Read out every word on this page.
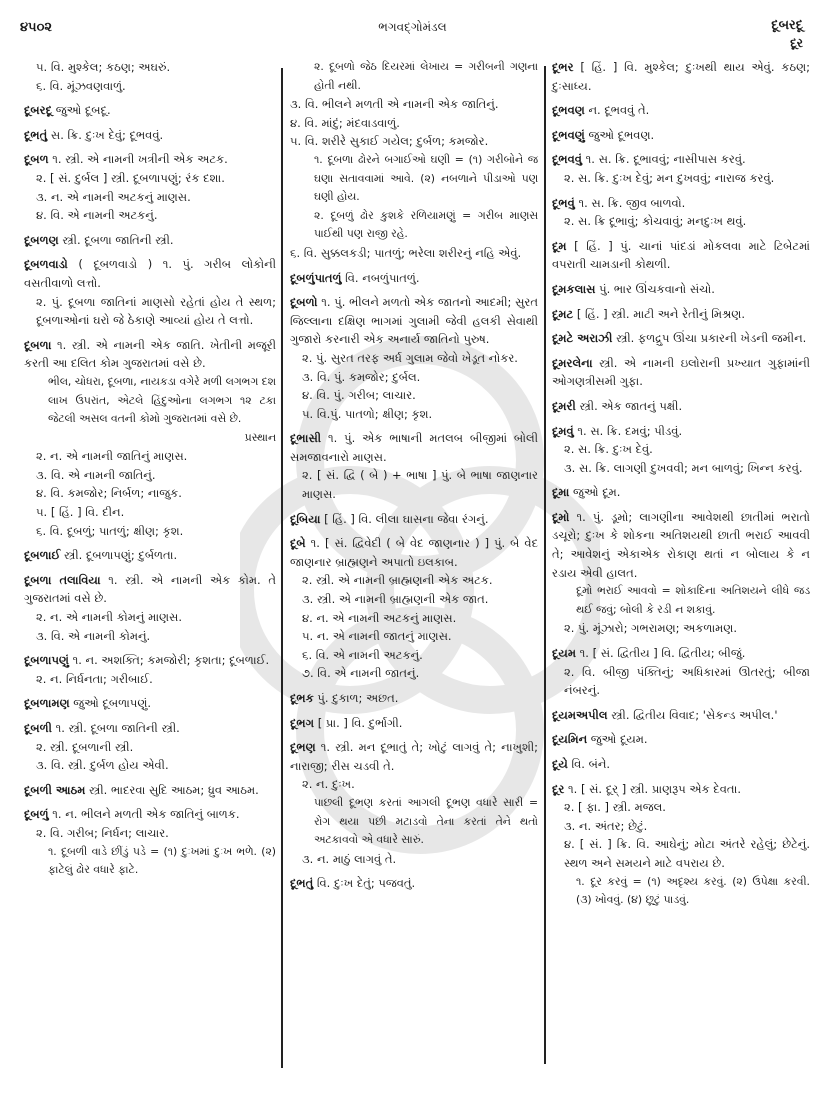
૪૫૦૨	ભગવદ્ગોમંડલ	દૂબરદૂ
દૂર
૫. વિ. મુશ્કેલ; કઠણ; અઘરું.
૬. વિ. મૂંઝવણવાળું.
દૂબરદૂ જુઓ દૂબદૂ.
દૂભતું સ. ક્રિ. દુઃખ દેવું; દૂભવવું.
દૂબળ ૧. સ્ત્રી. એ નામની ખત્રીની એક અટક.
૨. [ સં. દુર્બલ ] સ્ત્રી. દૂબળાપણું; રંક દશા.
૩. ન. એ નામની અટકનું માણસ.
૪. વિ. એ નામની અટકનું.
દૂબળણ સ્ત્રી. દૂબળા જાતિની સ્ત્રી.
દૂબળવાડો ( દૂબળવાડો ) ૧. પું. ગરીબ લોકોની વસતીવાળો લત્તો.
૨. પું. દૂબળા જાતિનાં માણસો રહેતાં હોય તે સ્થળ; દૂબળાઓનાં ઘરો જે ઠેકાણે આવ્યાં હોય તે લત્તો.
દૂબળા ૧. સ્ત્રી. એ નામની એક જાતિ. ખેતીની મજૂરી કરતી આ દલિત કોમ ગુજરાતમાં વસે છે.
ભીલ, ચોધરા, દૂબળા, નાયકડા વગેરે મળી લગભગ દશ લાખ ઉપરાંત, એટલે હિંદુઓના લગભગ ૧૨ ટકા જેટલી અસલ વતની કોમો ગુજરાતમાં વસે છે.
પ્રસ્થાન
૨. ન. એ નામની જાતિનું માણસ.
૩. વિ. એ નામની જાતિનું.
૪. વિ. કમજોર; નિર્બળ; નાજુક.
૫. [ હિં. ] વિ. દીન.
૬. વિ. દૂબળું; પાતળું; ક્ષીણ; કૃશ.
દૂબળાઈ સ્ત્રી. દૂબળાપણું; દુર્બળતા.
દૂબળા તલાવિયા ૧. સ્ત્રી. એ નામની એક કોમ. તે ગુજરાતમાં વસે છે.
૨. ન. એ નામની કોમનું માણસ.
૩. વિ. એ નામની કોમનું.
દૂબળાપણું ૧. ન. અશક્તિ; કમજોરી; કૃશતા; દૂબળાઈ.
૨. ન. નિર્ધનતા; ગરીબાઈ.
દૂબળામણ જુઓ દૂબળાપણું.
દૂબળી ૧. સ્ત્રી. દૂબળા જાતિની સ્ત્રી.
૨. સ્ત્રી. દૂબળાની સ્ત્રી.
૩. વિ. સ્ત્રી. દુર્બળ હોય એવી.
દૂબળી આઠમ સ્ત્રી. ભાદરવા સુદિ આઠમ; ધ્રુવ આઠમ.
દૂબળું ૧. ન. ભીલને મળતી એક જાતિનું બાળક.
૨. વિ. ગરીબ; નિર્ધન; લાચાર.
૧. દૂબળી વાડે છીંડું પડે = (૧) દુઃખમાં દુઃખ ભળે. (૨) ફાટેલું ઢોર વધારે ફાટે.
૨. દૂબળો જેઠ દિયરમાં લેખાય = ગરીબની ગણના હોતી નથી.
૩. વિ. ભીલને મળતી એ નામની એક જાતિનું.
૪. વિ. માંદું; મંદવાડવાળું.
૫. વિ. શરીરે સુકાઈ ગયેલ; દુર્બળ; કમજોર.
૧. દૂબળા ઢોરને બગાઈઓ ઘણી = (૧) ગરીબોને જ ઘણા સતાવવામાં આવે. (૨) નબળાને પીડાઓ પણ ઘણી હોય.
૨. દૂબળું ઢોર કુશકે રળિયામણું = ગરીબ માણસ પાઈથી પણ રાજી રહે.
૬. વિ. સુક્કલકડી; પાતળું; ભરેલા શરીરનું નહિ એવું.
દૂબળુંપાતળું વિ. નબળુંપાતળું.
દૂબળો ૧. પું. ભીલને મળતો એક જાતનો આદમી; સુરત જિલ્લાના દક્ષિણ ભાગમાં ગુલામી જેવી હલકી સેવાથી ગુજારો કરનારી એક અનાર્ય જાતિનો પુરુષ.
૨. પું. સુરત તરફ અર્ધ ગુલામ જેવો ખેડૂત નોકર.
૩. વિ. પું. કમજોર; દુર્બલ.
૪. વિ. પું. ગરીબ; લાચાર.
૫. વિ.પું. પાતળો; ક્ષીણ; કૃશ.
દૂભાસી ૧. પું. એક ભાષાની મતલબ બીજીમાં બોલી સમજાવનારો માણસ.
૨. [ સં. દ્વિ ( બે ) + ભાષા ] પું. બે ભાષા જાણનાર માણસ.
દૂબિયા [ હિં. ] વિ. લીલા ઘાસના જેવા રંગનું.
દૂબે ૧. [ સં. દ્વિવેદી ( બે વેદ જાણનાર ) ] પું. બે વેદ જાણનાર બ્રાહ્મણને અપાતો ઇલકાબ.
૨. સ્ત્રી. એ નામની બ્રાહ્મણની એક અટક.
૩. સ્ત્રી. એ નામની બ્રાહ્મણની એક જાત.
૪. ન. એ નામની અટકનું માણસ.
૫. ન. એ નામની જાતનું માણસ.
૬. વિ. એ નામની અટકનું.
૭. વિ. એ નામની જાતનું.
દૂભક પું. દુકાળ; અછત.
દૂભગ [ પ્રા. ] વિ. દુર્ભાગી.
દૂભણ ૧. સ્ત્રી. મન દૂભાતું તે; ખોટું લાગવું તે; નાખુશી; નારાજી; રીસ ચડવી તે.
૨. ન. દુઃખ.
પાછલી દૂભણ કરતાં આગલી દૂભણ વધારે સારી = રોગ થયા પછી મટાડવો તેના કરતાં તેને થતો અટકાવવો એ વધારે સારું.
૩. ન. માઠું લાગવું તે.
દૂભતું વિ. દુઃખ દેતું; પજવતું.
દૂભર [ હિં. ] વિ. મુશ્કેલ; દુઃખથી થાય એવું. કઠણ; દુઃસાધ્ય.
દૂભવણ ન. દૂભવવું તે.
દૂભવણું જુઓ દૂભવણ.
દૂભવવું ૧. સ. ક્રિ. દૂભાવવું; નાસીપાસ કરવું.
૨. સ. ક્રિ. દુઃખ દેવું; મન દુખવવું; નારાજ કરવું.
દૂભવું ૧. સ. ક્રિ. જીવ બાળવો.
૨. સ. ક્રિ દૂભાવું; કોચવાવું; મનદુઃખ થવું.
દૂમ [ હિં. ] પું. ચાનાં પાંદડાં મોકલવા માટે ટિબેટમાં વપરાતી ચામડાની કોથળી.
દૂમકલાસ પું. ભાર ઊંચકવાનો સંચો.
દૂમટ [ હિં. ] સ્ત્રી. માટી અને રેતીનું મિશ્રણ.
દૂમટે અરાઝી સ્ત્રી. ફળદ્રુપ ઊંચા પ્રકારની ખેડની જમીન.
દૂમરલેના સ્ત્રી. એ નામની ઇલોરાની પ્રખ્યાત ગુફામાંની ઓગણત્રીસમી ગુફા.
દૂમરી સ્ત્રી. એક જાતનું પક્ષી.
દૂમવું ૧. સ. ક્રિ. દમવું; પીડવું.
૨. સ. ક્રિ. દુઃખ દેવું.
૩. સ. ક્રિ. લાગણી દુખવવી; મન બાળવું; ખિન્ન કરવું.
દૂમા જુઓ દૂમ.
દૂમો ૧. પું. ડૂમો; લાગણીના આવેશથી છાતીમાં ભરાતો ડચૂરો; દુઃખ કે શોકના અતિશયથી છાતી ભરાઈ આવવી તે; આવેશનું એકાએક રોકાણ થતાં ન બોલાય કે ન રડાય એવી હાલત.
દૂમો ભરાઈ આવવો = શોકાદિના અતિશયને લીધે જડ થઈ જવું; બોલી કે રડી ન શકાવું.
૨. પું. મૂંઝારો; ગભરામણ; અકળામણ.
દૂયમ ૧. [ સં. દ્વિતીય ] વિ. દ્વિતીય; બીજું.
૨. વિ. બીજી પંક્તિનું; અધિકારમાં ઊતરતું; બીજા નંબરનું.
દૂયમઅપીલ સ્ત્રી. દ્વિતીય વિવાદ; 'સેકન્ડ અપીલ.'
દૂયમિન જુઓ દૂયમ.
દૂયે વિ. બંને.
દૂર ૧. [ સં. દૂર્ ] સ્ત્રી. પ્રાણરૂપ એક દેવતા.
૨. [ ફા. ] સ્ત્રી. મજલ.
૩. ન. અંતર; છેટું.
૪. [ સં. ] ક્રિ. વિ. આઘેનું; મોટા અંતરે રહેલું; છેટેનું. સ્થળ અને સમયને માટે વપરાય છે.
૧. દૂર કરવું = (૧) અદૃશ્ય કરવું. (૨) ઉપેક્ષા કરવી. (૩) ખોવવું. (૪) છૂટું પાડવું.
